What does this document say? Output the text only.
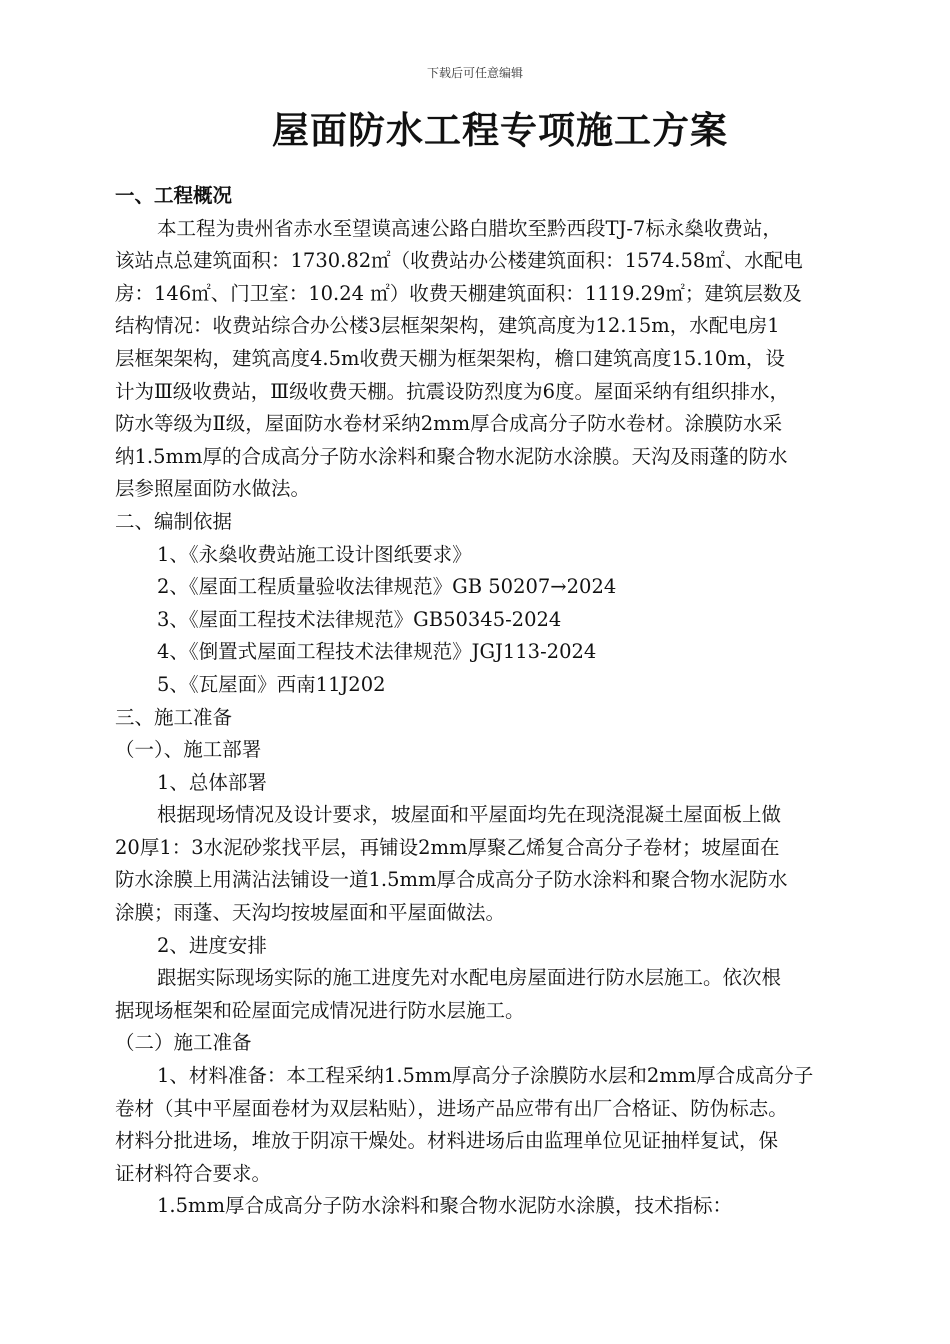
下载后可任意编辑
屋面防水工程专项施工方案
一、工程概况
本工程为贵州省赤水至望谟高速公路白腊坎至黔西段TJ-7标永燊收费站，
该站点总建筑面积：1730.82㎡（收费站办公楼建筑面积：1574.58㎡、水配电
房：146㎡、门卫室：10.24 ㎡）收费天棚建筑面积：1119.29㎡；建筑层数及
结构情况：收费站综合办公楼3层框架架构，建筑高度为12.15m，水配电房1
层框架架构，建筑高度4.5m收费天棚为框架架构，檐口建筑高度15.10m，设
计为Ⅲ级收费站，Ⅲ级收费天棚。抗震设防烈度为6度。屋面采纳有组织排水，
防水等级为Ⅱ级，屋面防水卷材采纳2mm厚合成高分子防水卷材。涂膜防水采
纳1.5mm厚的合成高分子防水涂料和聚合物水泥防水涂膜。天沟及雨蓬的防水
层参照屋面防水做法。
二、编制依据
1、《永燊收费站施工设计图纸要求》
2、《屋面工程质量验收法律规范》GB 50207→2024
3、《屋面工程技术法律规范》GB50345-2024
4、《倒置式屋面工程技术法律规范》JGJ113-2024
5、《瓦屋面》西南11J202
三、施工准备
（一）、施工部署
1、总体部署
根据现场情况及设计要求，坡屋面和平屋面均先在现浇混凝土屋面板上做
20厚1：3水泥砂浆找平层，再铺设2mm厚聚乙烯复合高分子卷材；坡屋面在
防水涂膜上用满沾法铺设一道1.5mm厚合成高分子防水涂料和聚合物水泥防水
涂膜；雨蓬、天沟均按坡屋面和平屋面做法。
2、进度安排
跟据实际现场实际的施工进度先对水配电房屋面进行防水层施工。依次根
据现场框架和砼屋面完成情况进行防水层施工。
（二）施工准备
1、材料准备：本工程采纳1.5mm厚高分子涂膜防水层和2mm厚合成高分子
卷材（其中平屋面卷材为双层粘贴），进场产品应带有出厂合格证、防伪标志。
材料分批进场，堆放于阴凉干燥处。材料进场后由监理单位见证抽样复试，保
证材料符合要求。
1.5mm厚合成高分子防水涂料和聚合物水泥防水涂膜，技术指标：
